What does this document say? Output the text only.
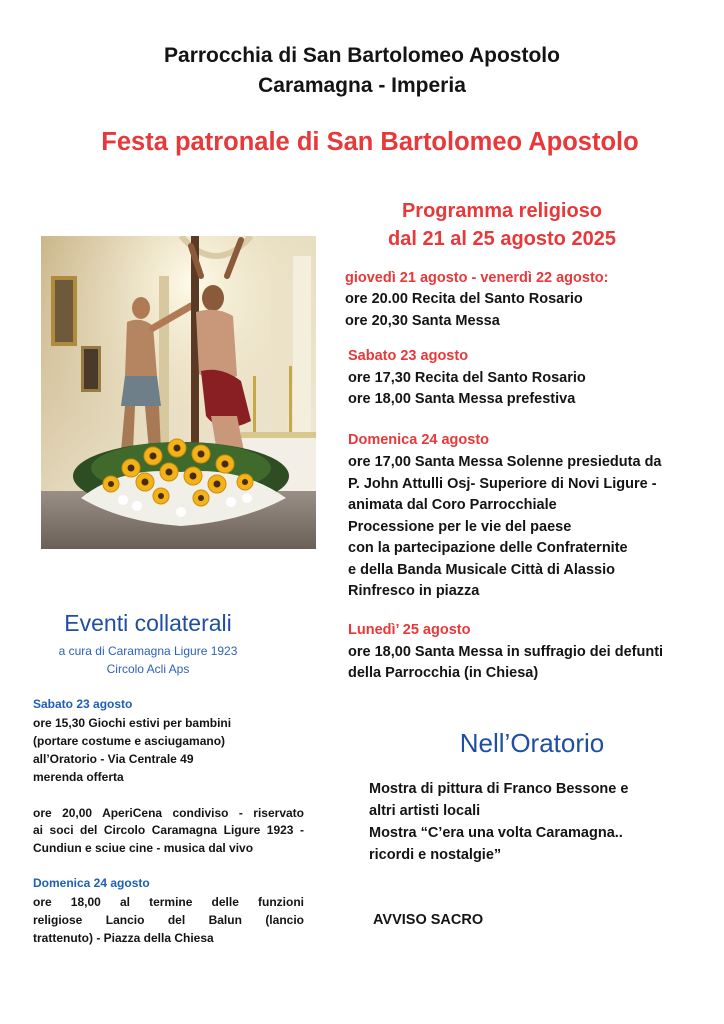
Parrocchia di San Bartolomeo Apostolo
Caramagna - Imperia
Festa patronale di San Bartolomeo Apostolo
Programma religioso
dal 21 al 25 agosto 2025
giovedì 21 agosto - venerdì 22 agosto:
ore 20.00 Recita del Santo Rosario
ore 20,30 Santa Messa
Sabato 23 agosto
ore 17,30 Recita del Santo Rosario
ore 18,00 Santa Messa prefestiva
Domenica 24 agosto
ore 17,00 Santa Messa Solenne presieduta da
P. John Attulli Osj- Superiore di Novi Ligure -
animata dal Coro Parrocchiale
Processione per le vie del paese
con la partecipazione delle Confraternite
e della Banda Musicale Città di Alassio
Rinfresco in piazza
Lunedì’ 25 agosto
ore 18,00 Santa Messa in suffragio dei defunti
della Parrocchia (in Chiesa)
Eventi collaterali
a cura di Caramagna Ligure 1923
Circolo Acli Aps
Sabato 23 agosto
ore 15,30 Giochi estivi per bambini
(portare costume e asciugamano)
all’Oratorio - Via Centrale 49
merenda offerta
ore 20,00 AperiCena condiviso - riservato
ai soci del Circolo Caramagna Ligure 1923 -
Cundiun e sciue cine - musica dal vivo
Domenica 24 agosto
ore 18,00 al termine delle funzioni
religiose Lancio del Balun (lancio
trattenuto) - Piazza della Chiesa
Nell’Oratorio
Mostra di pittura di Franco Bessone e
altri artisti locali
Mostra “C’era una volta Caramagna..
ricordi e nostalgie”
AVVISO SACRO
